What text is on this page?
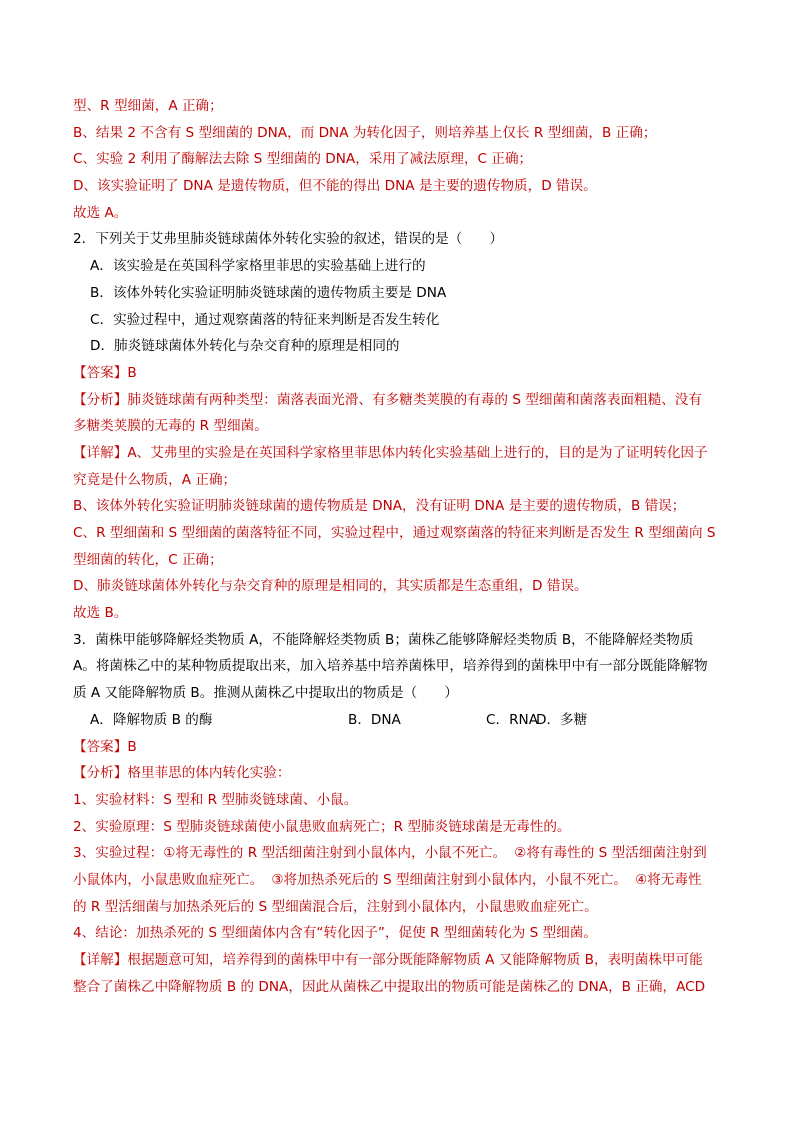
型、R 型细菌，A 正确；
B、结果 2 不含有 S 型细菌的 DNA，而 DNA 为转化因子，则培养基上仅长 R 型细菌，B 正确；
C、实验 2 利用了酶解法去除 S 型细菌的 DNA，采用了减法原理，C 正确；
D、该实验证明了 DNA 是遗传物质，但不能的得出 DNA 是主要的遗传物质，D 错误。
故选 A。
2．下列关于艾弗里肺炎链球菌体外转化实验的叙述，错误的是（　　）
A．该实验是在英国科学家格里菲思的实验基础上进行的
B．该体外转化实验证明肺炎链球菌的遗传物质主要是 DNA
C．实验过程中，通过观察菌落的特征来判断是否发生转化
D．肺炎链球菌体外转化与杂交育种的原理是相同的
【答案】B
【分析】肺炎链球菌有两种类型：菌落表面光滑、有多糖类荚膜的有毒的 S 型细菌和菌落表面粗糙、没有
多糖类荚膜的无毒的 R 型细菌。
【详解】A、艾弗里的实验是在英国科学家格里菲思体内转化实验基础上进行的，目的是为了证明转化因子
究竟是什么物质，A 正确；
B、该体外转化实验证明肺炎链球菌的遗传物质是 DNA，没有证明 DNA 是主要的遗传物质，B 错误；
C、R 型细菌和 S 型细菌的菌落特征不同，实验过程中，通过观察菌落的特征来判断是否发生 R 型细菌向 S
型细菌的转化，C 正确；
D、肺炎链球菌体外转化与杂交育种的原理是相同的，其实质都是生态重组，D 错误。
故选 B。
3．菌株甲能够降解烃类物质 A，不能降解烃类物质 B；菌株乙能够降解烃类物质 B，不能降解烃类物质
A。将菌株乙中的某种物质提取出来，加入培养基中培养菌株甲，培养得到的菌株甲中有一部分既能降解物
质 A 又能降解物质 B。推测从菌株乙中提取出的物质是（　　）
A．降解物质 B 的酶	B．DNA	C．RNAD．多糖
【答案】B
【分析】格里菲思的体内转化实验：
1、实验材料：S 型和 R 型肺炎链球菌、小鼠。
2、实验原理：S 型肺炎链球菌使小鼠患败血病死亡；R 型肺炎链球菌是无毒性的。
3、实验过程：①将无毒性的 R 型活细菌注射到小鼠体内，小鼠不死亡。 ②将有毒性的 S 型活细菌注射到
小鼠体内，小鼠患败血症死亡。 ③将加热杀死后的 S 型细菌注射到小鼠体内，小鼠不死亡。 ④将无毒性
的 R 型活细菌与加热杀死后的 S 型细菌混合后，注射到小鼠体内，小鼠患败血症死亡。
4、结论：加热杀死的 S 型细菌体内含有“转化因子”，促使 R 型细菌转化为 S 型细菌。
【详解】根据题意可知，培养得到的菌株甲中有一部分既能降解物质 A 又能降解物质 B，表明菌株甲可能
整合了菌株乙中降解物质 B 的 DNA，因此从菌株乙中提取出的物质可能是菌株乙的 DNA，B 正确，ACD
